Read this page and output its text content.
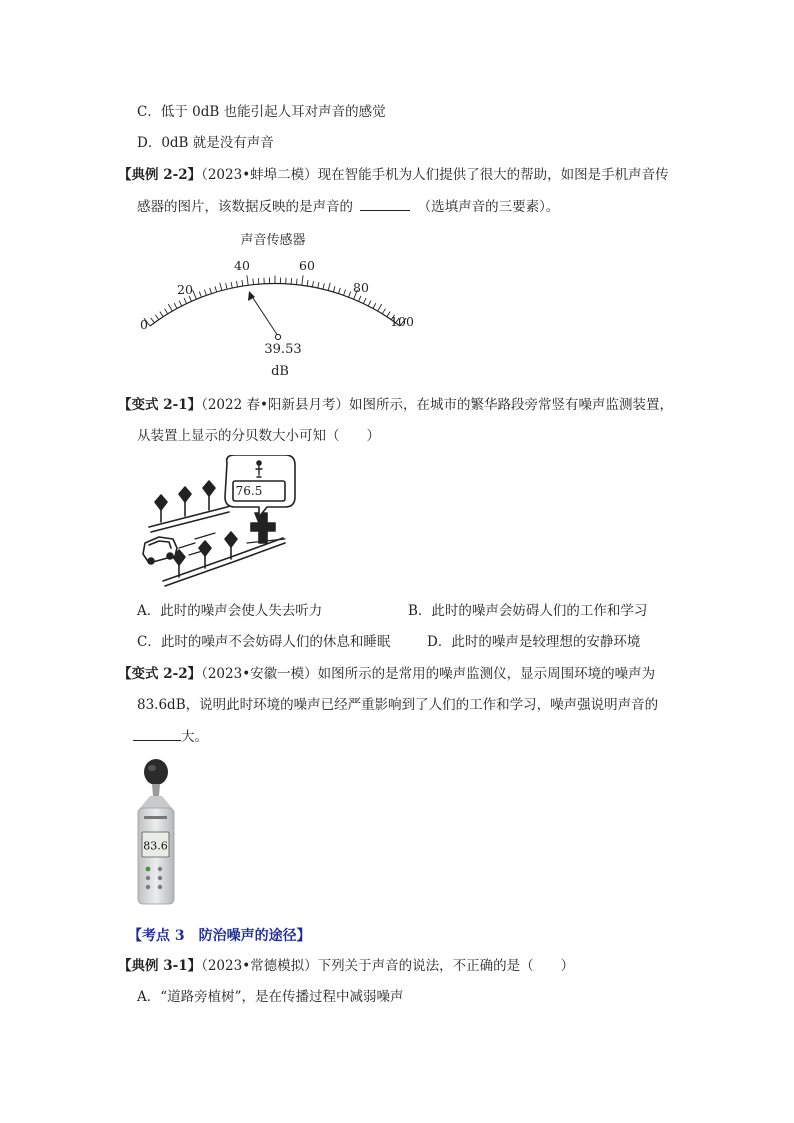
C．低于 0dB 也能引起人耳对声音的感觉
D．0dB 就是没有声音
【典例 2-2】（2023•蚌埠二模）现在智能手机为人们提供了很大的帮助，如图是手机声音传
感器的图片，该数据反映的是声音的	（选填声音的三要素）。
声音传感器
0
20
40	60
80
100
39.53
dB
【变式 2-1】（2022 春•阳新县月考）如图所示，在城市的繁华路段旁常竖有噪声监测装置，
从装置上显示的分贝数大小可知（　　）
76.5
A．此时的噪声会使人失去听力	B．此时的噪声会妨碍人们的工作和学习
C．此时的噪声不会妨碍人们的休息和睡眠	D．此时的噪声是较理想的安静环境
【变式 2-2】（2023•安徽一模）如图所示的是常用的噪声监测仪，显示周围环境的噪声为
83.6dB，说明此时环境的噪声已经严重影响到了人们的工作和学习，噪声强说明声音的
大。
83.6
【考点 3　防治噪声的途径】
【典例 3-1】（2023•常德模拟）下列关于声音的说法，不正确的是（　　）
A．“道路旁植树”，是在传播过程中减弱噪声
